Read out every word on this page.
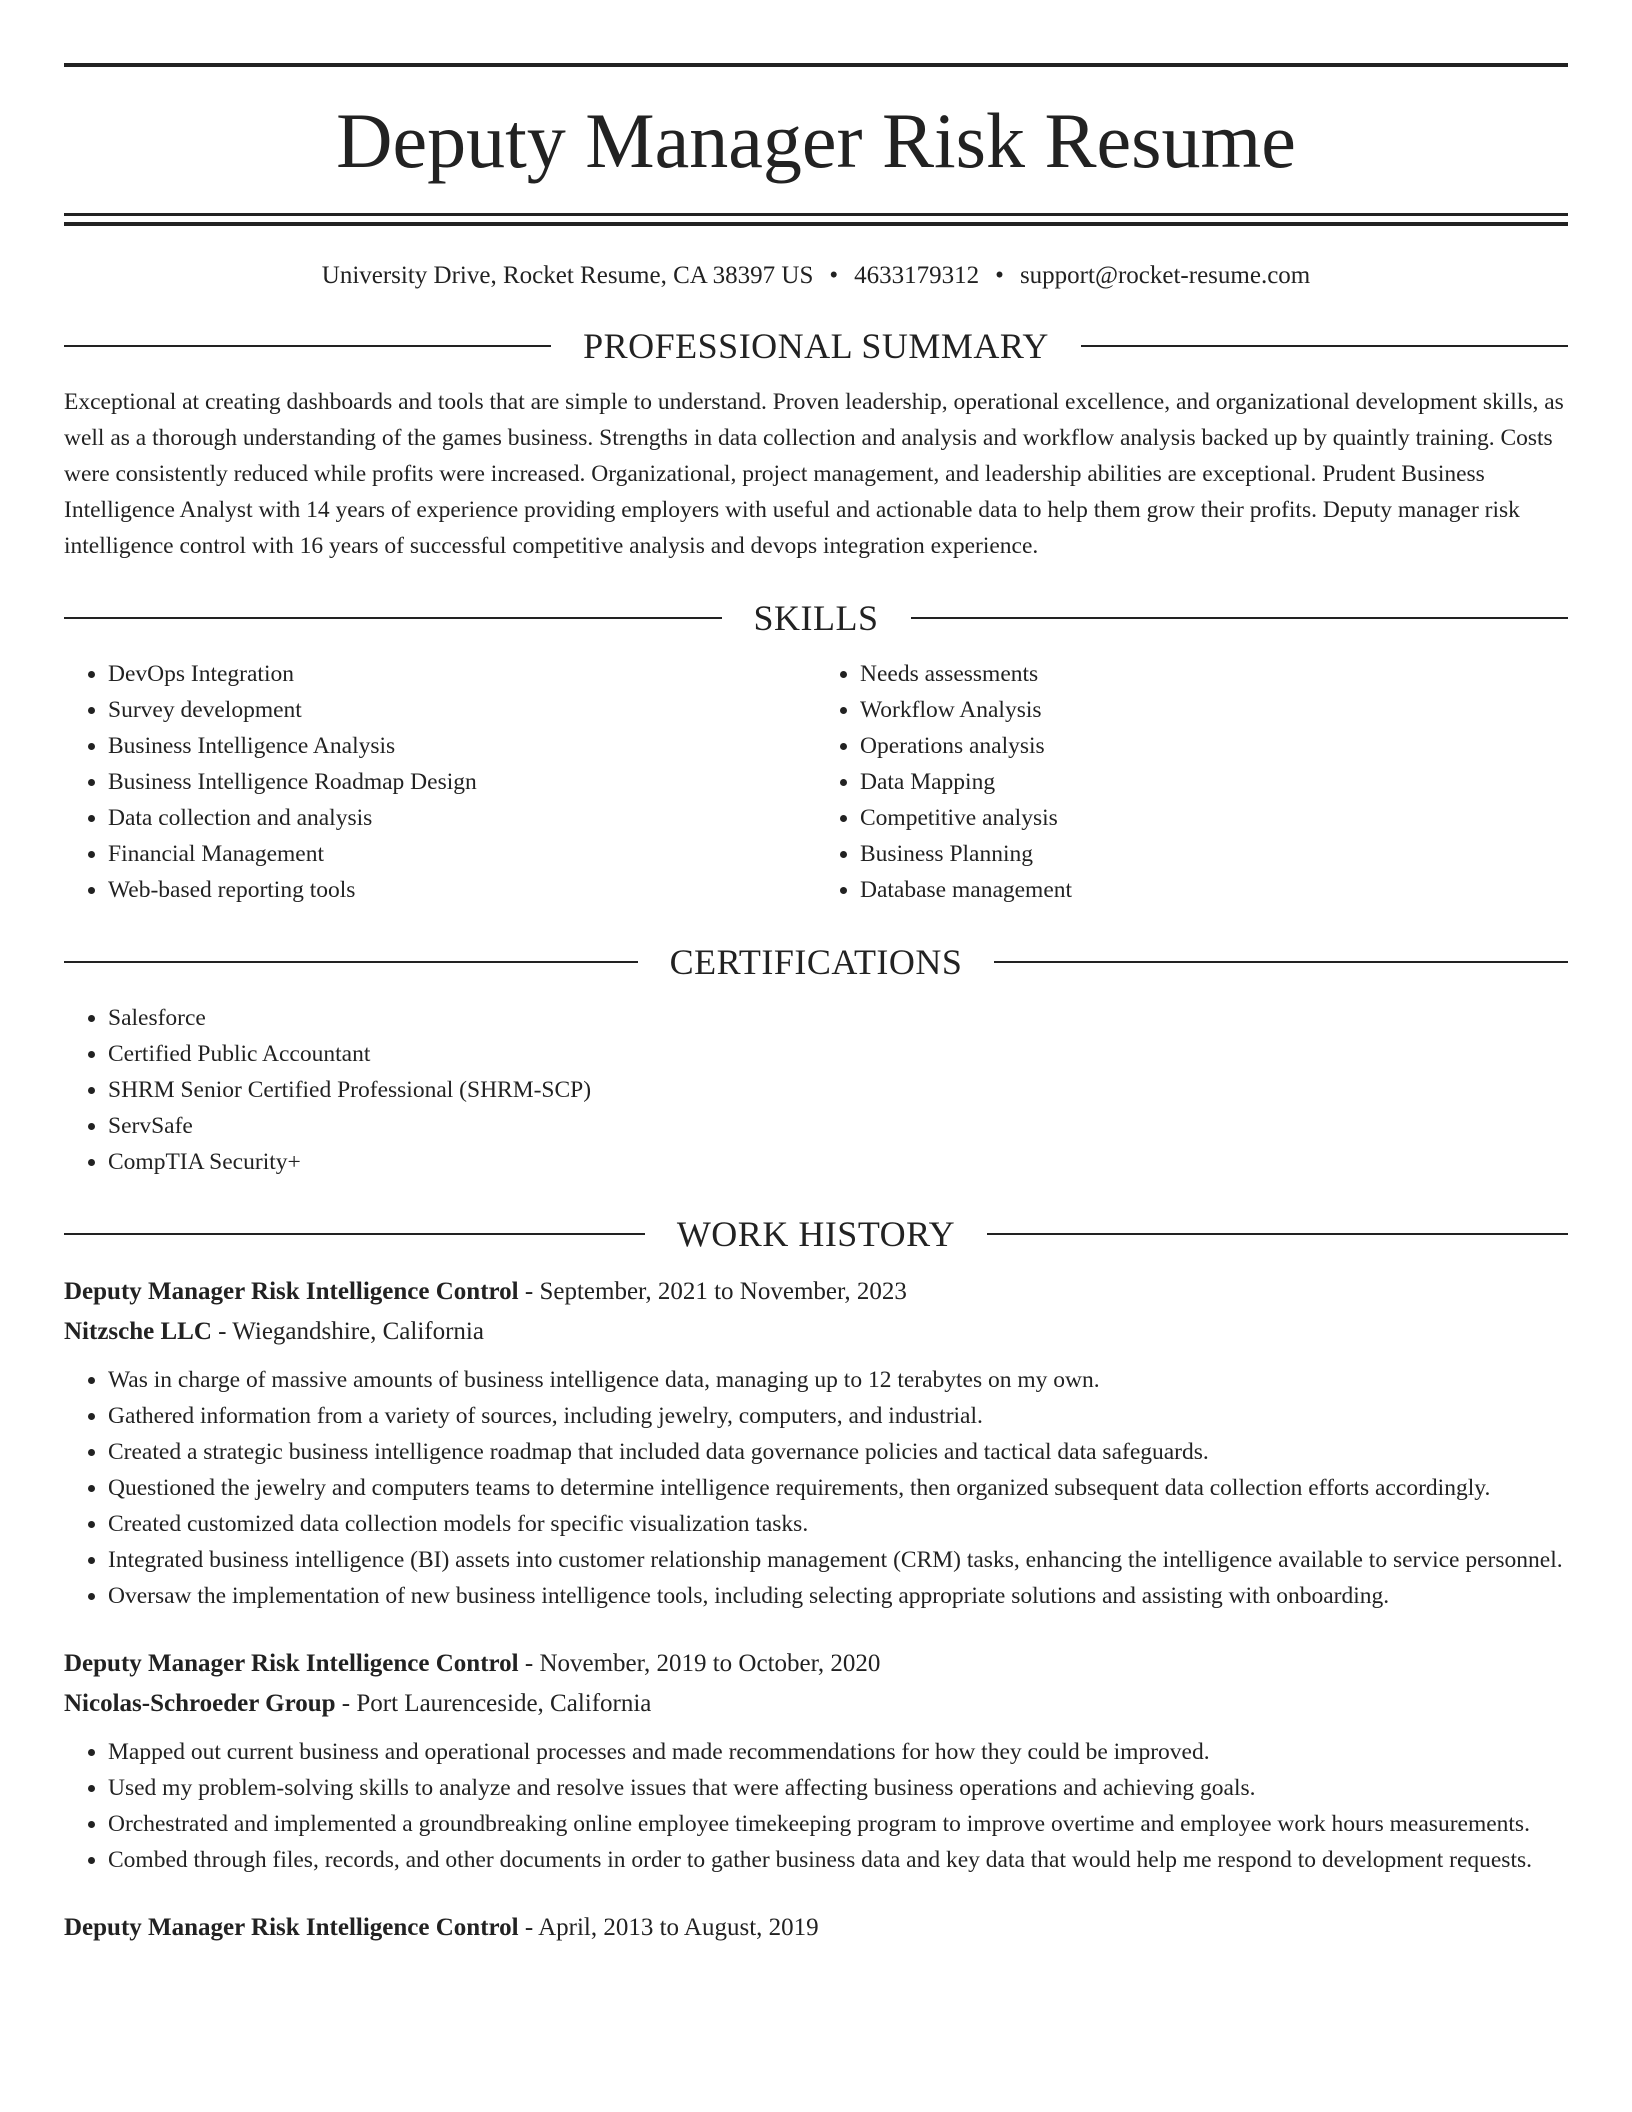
Deputy Manager Risk Resume
University Drive, Rocket Resume, CA 38397 US • 4633179312 • support@rocket-resume.com
PROFESSIONAL SUMMARY

Exceptional at creating dashboards and tools that are simple to understand. Proven leadership, operational excellence, and organizational development skills, as well as a thorough understanding of the games business. Strengths in data collection and analysis and workflow analysis backed up by quaintly training. Costs were consistently reduced while profits were increased. Organizational, project management, and leadership abilities are exceptional. Prudent Business Intelligence Analyst with 14 years of experience providing employers with useful and actionable data to help them grow their profits. Deputy manager risk intelligence control with 16 years of successful competitive analysis and devops integration experience.

SKILLS
• DevOps Integration
• Survey development
• Business Intelligence Analysis
• Business Intelligence Roadmap Design
• Data collection and analysis
• Financial Management
• Web-based reporting tools
• Needs assessments
• Workflow Analysis
• Operations analysis
• Data Mapping
• Competitive analysis
• Business Planning
• Database management
CERTIFICATIONS
• Salesforce
• Certified Public Accountant
• SHRM Senior Certified Professional (SHRM-SCP)
• ServSafe
• CompTIA Security+
WORK HISTORY
Deputy Manager Risk Intelligence Control - September, 2021 to November, 2023
Nitzsche LLC - Wiegandshire, California
• Was in charge of massive amounts of business intelligence data, managing up to 12 terabytes on my own.
• Gathered information from a variety of sources, including jewelry, computers, and industrial.
• Created a strategic business intelligence roadmap that included data governance policies and tactical data safeguards.
• Questioned the jewelry and computers teams to determine intelligence requirements, then organized subsequent data collection efforts accordingly.
• Created customized data collection models for specific visualization tasks.
• Integrated business intelligence (BI) assets into customer relationship management (CRM) tasks, enhancing the intelligence available to service personnel.
• Oversaw the implementation of new business intelligence tools, including selecting appropriate solutions and assisting with onboarding.
Deputy Manager Risk Intelligence Control - November, 2019 to October, 2020
Nicolas-Schroeder Group - Port Laurenceside, California
• Mapped out current business and operational processes and made recommendations for how they could be improved.
• Used my problem-solving skills to analyze and resolve issues that were affecting business operations and achieving goals.
• Orchestrated and implemented a groundbreaking online employee timekeeping program to improve overtime and employee work hours measurements.
• Combed through files, records, and other documents in order to gather business data and key data that would help me respond to development requests.
Deputy Manager Risk Intelligence Control - April, 2013 to August, 2019
